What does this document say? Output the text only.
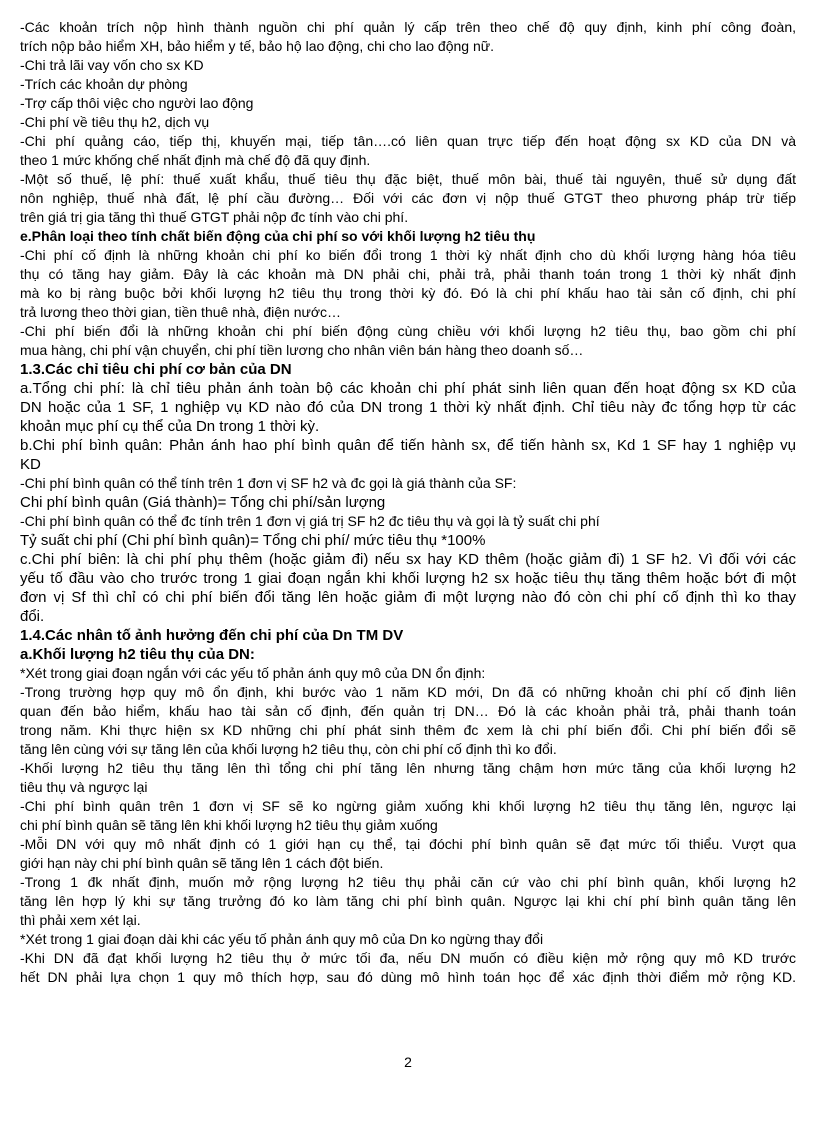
-Các khoản trích nộp hình thành nguồn chi phí quản lý cấp trên theo chế độ quy định, kinh phí công đoàn,
trích nộp bảo hiểm XH, bảo hiểm y tế, bảo hộ lao động, chi cho lao động nữ.
-Chi trả lãi vay vốn cho sx KD
-Trích các khoản dự phòng
-Trợ cấp thôi việc cho người lao động
-Chi phí về tiêu thụ h2, dịch vụ
-Chi phí quảng cáo, tiếp thị, khuyến mại, tiếp tân….có liên quan trực tiếp đến hoạt động sx KD của DN và
theo 1 mức khống chế nhất định mà chế độ đã quy định.
-Một số thuế, lệ phí: thuế xuất khẩu, thuế tiêu thụ đặc biệt, thuế môn bài, thuế tài nguyên, thuế sử dụng đất
nôn nghiệp, thuế nhà đất, lệ phí cầu đường… Đối với các đơn vị nộp thuế GTGT theo phương pháp trừ tiếp
trên giá trị gia tăng thì thuế GTGT phải nộp đc tính vào chi phí.
e.Phân loại theo tính chất biến động của chi phí so với khối lượng h2 tiêu thụ
-Chi phí cố định là những khoản chi phí ko biến đổi trong 1 thời kỳ nhất định cho dù khối lượng hàng hóa tiêu
thụ có tăng hay giảm. Đây là các khoản mà DN phải chi, phải trả, phải thanh toán trong 1 thời kỳ nhất định
mà ko bị ràng buộc bởi khối lượng h2 tiêu thụ trong thời kỳ đó. Đó là chi phí khấu hao tài sản cố định, chi phí
trả lương theo thời gian, tiền thuê nhà, điện nước…
-Chi phí biến đổi là những khoản chi phí biến động cùng chiều với khối lượng h2 tiêu thụ, bao gồm chi phí
mua hàng, chi phí vận chuyển, chi phí tiền lương cho nhân viên bán hàng theo doanh số…
1.3.Các chỉ tiêu chi phí cơ bản của DN
a.Tổng chi phí: là chỉ tiêu phản ánh toàn bộ các khoản chi phí phát sinh liên quan đến hoạt động sx KD của
DN hoặc của 1 SF, 1 nghiệp vụ KD nào đó của DN trong 1 thời kỳ nhất định. Chỉ tiêu này đc tổng hợp từ các
khoản mục phí cụ thể của Dn trong 1 thời kỳ.
b.Chi phí bình quân: Phản ánh hao phí bình quân để tiến hành sx, để tiến hành sx, Kd 1 SF hay 1 nghiệp vụ
KD
-Chi phí bình quân có thể tính trên 1 đơn vị SF h2 và đc gọi là giá thành của SF:
Chi phí bình quân (Giá thành)= Tổng chi phí/sản lượng
-Chi phí bình quân có thể đc tính trên 1 đơn vị giá trị SF h2 đc tiêu thụ và gọi là tỷ suất chi phí
Tỷ suất chi phí (Chi phí bình quân)= Tổng chi phí/ mức tiêu thụ *100%
c.Chi phí biên: là chi phí phụ thêm (hoặc giảm đi) nếu sx hay KD thêm (hoặc giảm đi) 1 SF h2. Vì đối với các
yếu tố đầu vào cho trước trong 1 giai đoạn ngắn khi khối lượng h2 sx hoặc tiêu thụ tăng thêm hoặc bớt đi một
đơn vị Sf thì chỉ có chi phí biến đổi tăng lên hoặc giảm đi một lượng nào đó còn chi phí cố định thì ko thay
đổi.
1.4.Các nhân tố ảnh hưởng đến chi phí của Dn TM DV
a.Khối lượng h2 tiêu thụ của DN:
*Xét trong giai đoạn ngắn với các yếu tố phản ánh quy mô của DN ổn định:
-Trong trường hợp quy mô ổn định, khi bước vào 1 năm KD mới, Dn đã có những khoản chi phí cố định liên
quan đến bảo hiểm, khấu hao tài sản cố định, đến quản trị DN… Đó là các khoản phải trả, phải thanh toán
trong năm. Khi thực hiện sx KD những chi phí phát sinh thêm đc xem là chi phí biến đổi. Chi phí biến đổi sẽ
tăng lên cùng với sự tăng lên của khối lượng h2 tiêu thụ, còn chi phí cố định thì ko đổi.
-Khối lượng h2 tiêu thụ tăng lên thì tổng chi phí tăng lên nhưng tăng chậm hơn mức tăng của khối lượng h2
tiêu thụ và ngược lại
-Chi phí bình quân trên 1 đơn vị SF sẽ ko ngừng giảm xuống khi khối lượng h2 tiêu thụ tăng lên, ngược lại
chi phí bình quân sẽ tăng lên khi khối lượng h2 tiêu thụ giảm xuống
-Mỗi DN với quy mô nhất định có 1 giới hạn cụ thể, tại đóchi phí bình quân sẽ đạt mức tối thiểu. Vượt qua
giới hạn này chi phí bình quân sẽ tăng lên 1 cách đột biến.
-Trong 1 đk nhất định, muốn mở rộng lượng h2 tiêu thụ phải căn cứ vào chi phí bình quân, khối lượng h2
tăng lên hợp lý khi sự tăng trưởng đó ko làm tăng chi phí bình quân. Ngược lại khi chí phí bình quân tăng lên
thì phải xem xét lại.
*Xét trong 1 giai đoạn dài khi các yếu tố phản ánh quy mô của Dn ko ngừng thay đổi
-Khi DN đã đạt khối lượng h2 tiêu thụ ở mức tối đa, nếu DN muốn có điều kiện mở rộng quy mô KD trước
hết DN phải lựa chọn 1 quy mô thích hợp, sau đó dùng mô hình toán học để xác định thời điểm mở rộng KD.
2
